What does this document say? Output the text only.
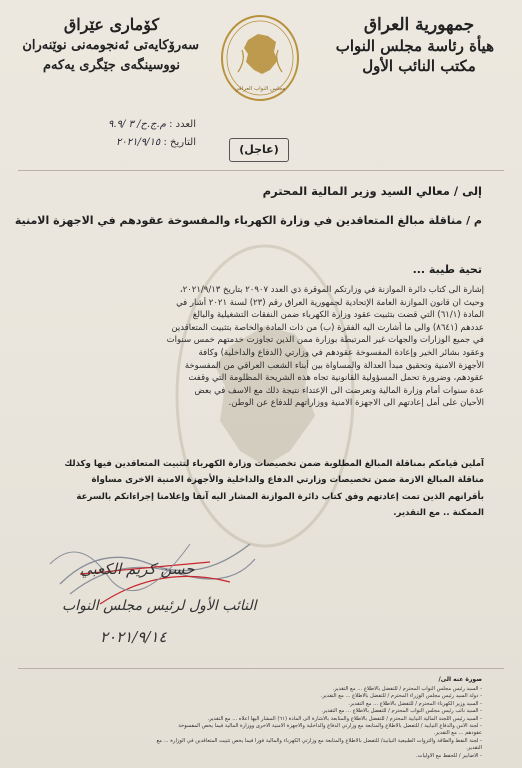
جمهورية العراق
هيأة رئاسة مجلس النواب
مكتب النائب الأول
كۆماری عێراق
سەرۆكایەتی ئەنجومەنی نوێنەران
نووسینگەی جێگری یەكەم
مجلس النواب العراقي
العدد : م.ج.ح/ ٣ /٩.٩
التاريخ : ٢٠٢١/٩/١٥
(عاجل)
إلى / معالي السيد وزير المالية المحترم
م / مناقلة مبالغ المتعاقدين في وزارة الكهرباء والمفسوخة عقودهم في الاجهزة الامنية
تحية طيبة ...
إشارة الى كتاب دائرة الموازنة في وزارتكم الموقرة ذي العدد ٢٠٩٠٧ بتاريخ ٢٠٢١/٩/١٣،
وحيث ان قانون الموازنة العامة الإتحادية لجمهورية العراق رقم (٢٣) لسنة ٢٠٢١ أشار في
المادة (٦١/١) التي قضت بتثبيت عقود وزارة الكهرباء ضمن النفقات التشغيلية والبالغ
عددهم (٨٦٤١) والى ما أشارت اليه الفقرة (ب) من ذات المادة والخاصة بتثبيت المتعاقدين
في جميع الوزارات والجهات غير المرتبطة بوزارة ممن الذين تجاوزت خدمتهم خمس سنوات
وعقود بشائر الخير وإعادة المفسوخة عقودهم في وزارتي (الدفاع والداخلية) وكافة
الأجهزة الامنية وتحقيق مبدأ العدالة والمساواة بين أبناء الشعب العراقي من المفسوخة
عقودهم، وضرورة تحمل المسؤولية القانونية تجاه هذه الشريحة المظلومة التي وقفت
عدة سنوات أمام وزارة المالية وتعرضت الى الإعتداء نتيجة ذلك مع الاسف في بعض
الأحيان على أمل إعادتهم الى الاجهزة الامنية ووزاراتهم للدفاع عن الوطن.
آملين قيامكم بمناقلة المبالغ المطلوبة ضمن تخصيصات وزارة الكهرباء لتثبيت المتعاقدين فيها وكذلك
مناقلة المبالغ الازمة ضمن تخصيصات وزارتي الدفاع والداخلية والأجهزة الامنية الاخرى مساواة
بأقرانهم الذين تمت إعادتهم وفق كتاب دائرة الموازنة المشار اليه آنفا وإعلامنا إجراءاتكم بالسرعة
الممكنة .. مع التقدير.
حسن كريم الكعبي
النائب الأول لرئيس مجلس النواب
٢٠٢١/٩/١٤
صورة عنه الى/
- السيد رئيس مجلس النواب المحترم / للتفضل بالاطلاع ... مع التقدير.
- دولة السيد رئيس مجلس الوزراء المحترم / للتفضل بالاطلاع ... مع التقدير.
- السيد وزير الكهرباء المحترم / للتفضل بالاطلاع ... مع التقدير.
- السيد نائب رئيس مجلس النواب المحترم / للتفضل بالاطلاع ... مع التقدير.
- السيد رئيس اللجنة المالية النيابية المحترم / للتفضل بالاطلاع والمتابعة بالاشارة الى المادة (٦١) المشار اليها أعلاه ... مع التقدير.
- لجنة الامن والدفاع النيابية / للتفضل بالاطلاع والمتابعة مع وزارتي الدفاع والداخلية والاجهزة الامنية الاخرى ووزارة المالية فيما يخص المفسوخة
عقودهم ... مع التقدير.
- لجنة النفط والطاقة والثروات الطبيعية النيابية/ للتفضل بالاطلاع والمتابعة مع وزارتي الكهرباء والمالية فوراً فيما يخص تثبيت المتعاقدين في الوزارة ... مع
التقدير.
- الاضابير / للحفظ مع الاوليات.
